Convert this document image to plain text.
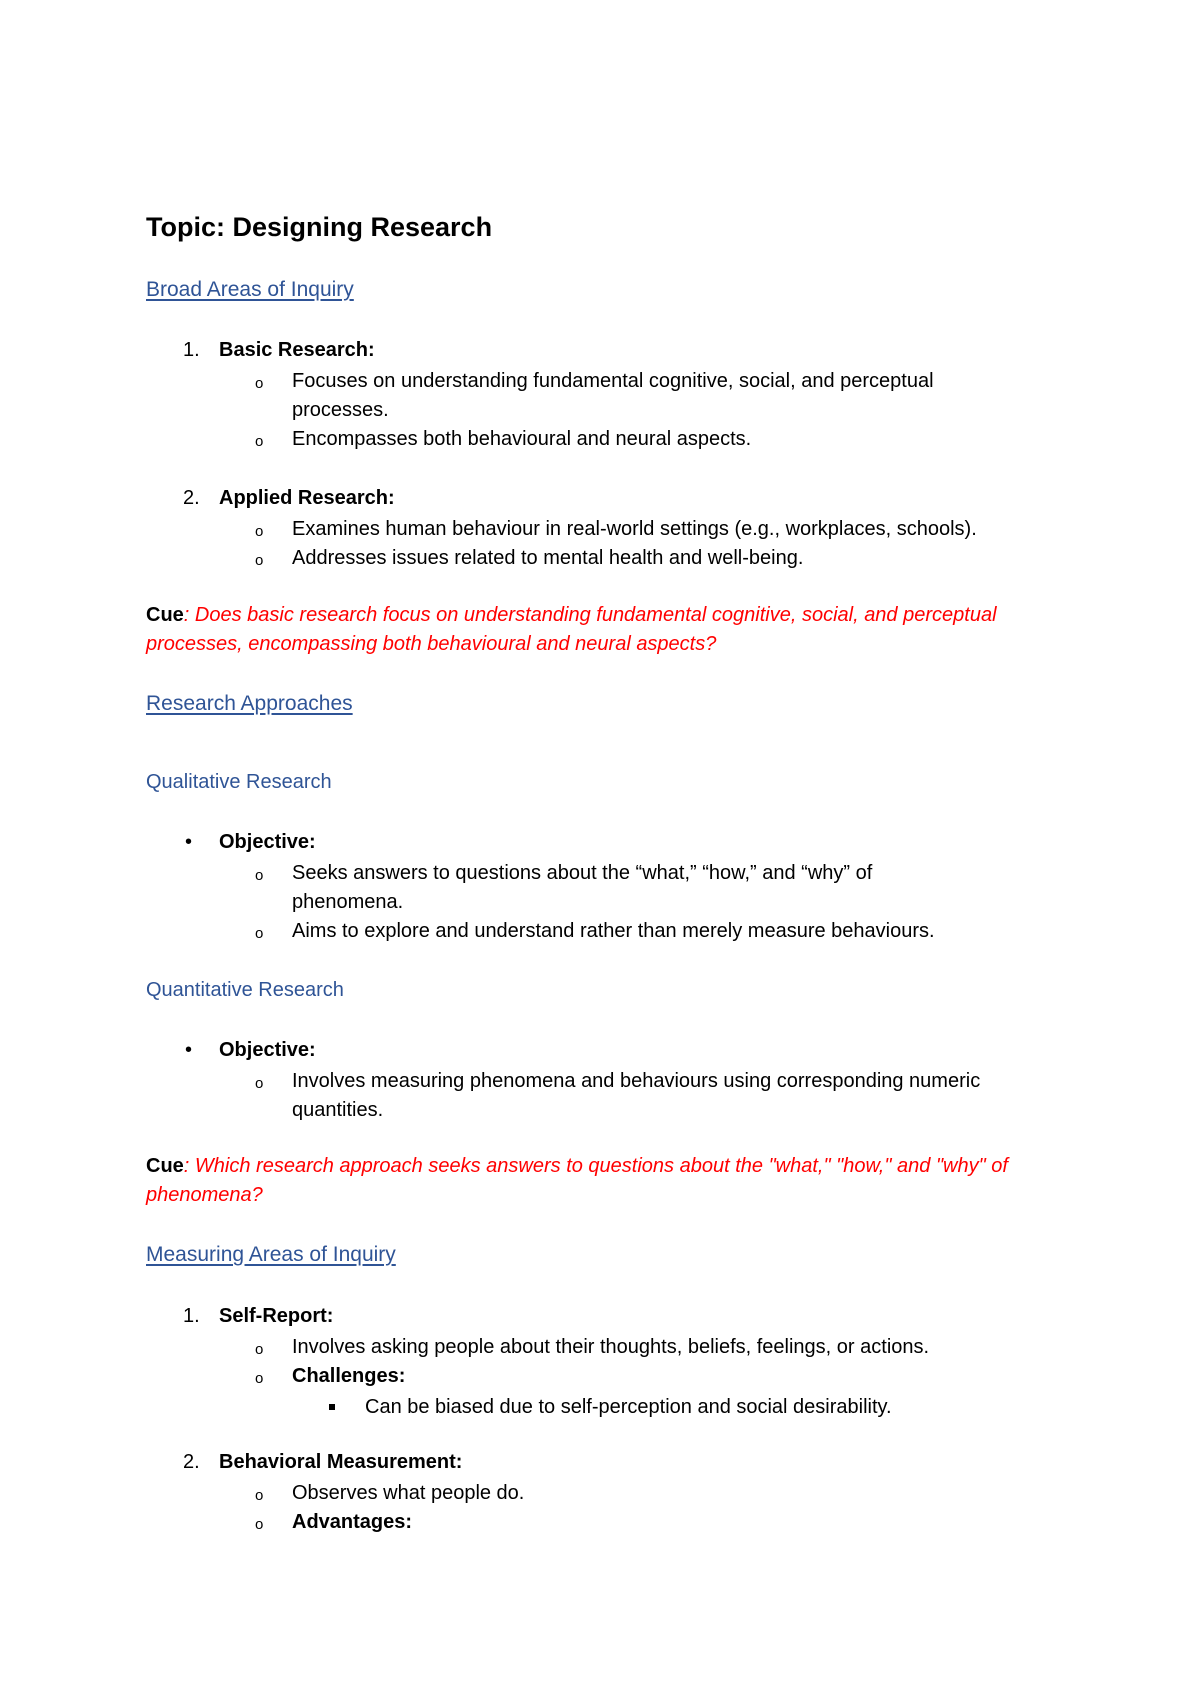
Topic: Designing Research
Broad Areas of Inquiry
1. Basic Research:
o Focuses on understanding fundamental cognitive, social, and perceptual
processes.
o Encompasses both behavioural and neural aspects.
2. Applied Research:
o Examines human behaviour in real-world settings (e.g., workplaces, schools).
o Addresses issues related to mental health and well-being.
Cue: Does basic research focus on understanding fundamental cognitive, social, and perceptual processes, encompassing both behavioural and neural aspects?
Research Approaches
Qualitative Research
• Objective:
o Seeks answers to questions about the “what,” “how,” and “why” of
phenomena.
o Aims to explore and understand rather than merely measure behaviours.
Quantitative Research
• Objective:
o Involves measuring phenomena and behaviours using corresponding numeric
quantities.
Cue: Which research approach seeks answers to questions about the "what," "how," and "why" of phenomena?
Measuring Areas of Inquiry
1. Self-Report:
o Involves asking people about their thoughts, beliefs, feelings, or actions.
o Challenges:
Can be biased due to self-perception and social desirability.
2. Behavioral Measurement:
o Observes what people do.
o Advantages:
